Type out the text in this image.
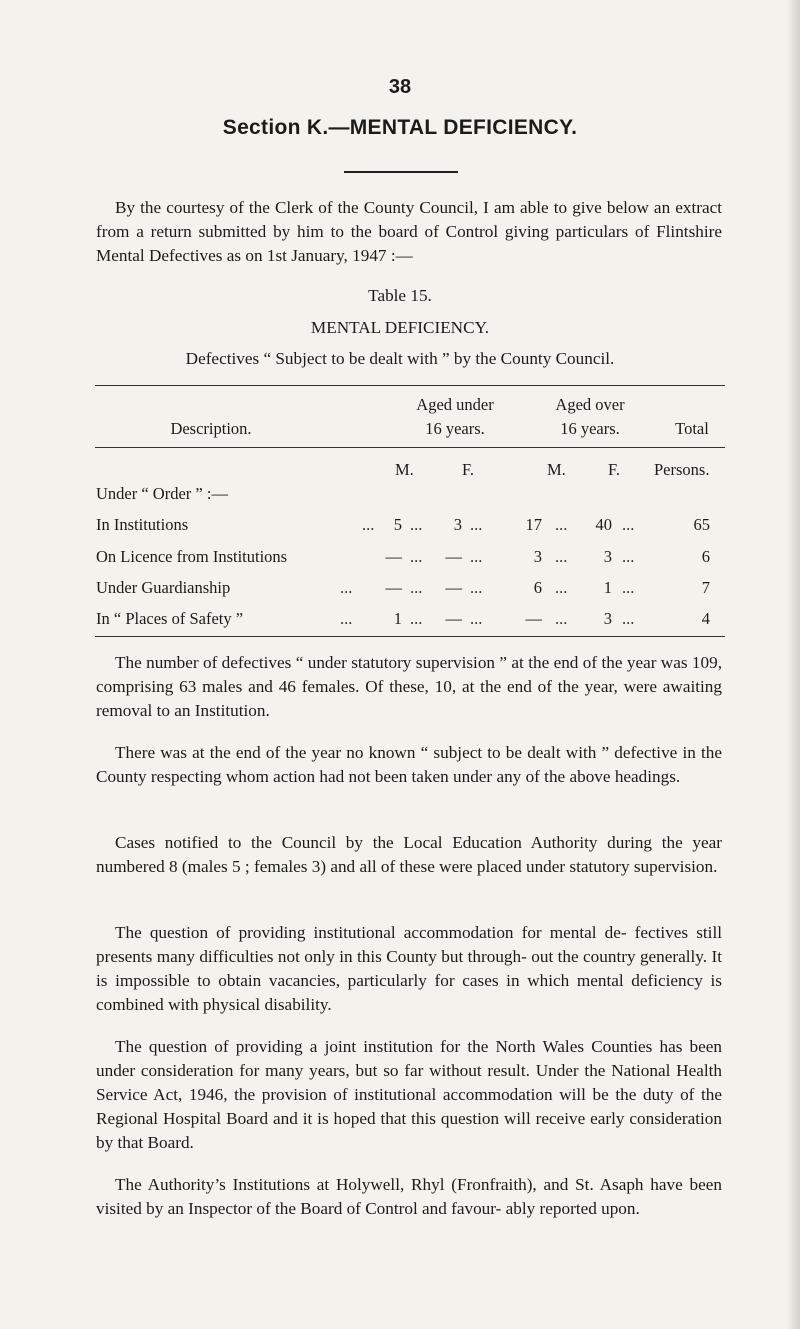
38
Section K.—MENTAL DEFICIENCY.

By the courtesy of the Clerk of the County Council, I am able to give below an extract from a return submitted by him to the board of Control giving particulars of Flintshire Mental Defectives as on 1st January, 1947 :—

Table 15.
MENTAL DEFICIENCY.
Defectives “ Subject to be dealt with ” by the County Council.
Description.
Aged under
16 years.
Aged over
16 years.	Total
M.	F.	M.	F. Persons.
Under “ Order ” :—
In Institutions	...	5 ...	3 ...	17 ...	40 ...	65
On Licence from Institutions	— ...	— ...	3 ...	3 ...	6
Under Guardianship	...	— ...	— ...	6 ...	1 ...	7
In “ Places of Safety ”	...	1 ...	— ...	— ...	3 ...	4

The number of defectives “ under statutory supervision ” at the end of the year was 109, comprising 63 males and 46 females. Of these, 10, at the end of the year, were awaiting removal to an Institution.

There was at the end of the year no known “ subject to be dealt with ” defective in the County respecting whom action had not been taken under any of the above headings.

Cases notified to the Council by the Local Education Authority during the year numbered 8 (males 5 ; females 3) and all of these were placed under statutory supervision.

The question of providing institutional accommodation for mental de- fectives still presents many difficulties not only in this County but through- out the country generally. It is impossible to obtain vacancies, particularly for cases in which mental deficiency is combined with physical disability.

The question of providing a joint institution for the North Wales Counties has been under consideration for many years, but so far without result. Under the National Health Service Act, 1946, the provision of institutional accommodation will be the duty of the Regional Hospital Board and it is hoped that this question will receive early consideration by that Board.

The Authority’s Institutions at Holywell, Rhyl (Fronfraith), and St. Asaph have been visited by an Inspector of the Board of Control and favour- ably reported upon.
